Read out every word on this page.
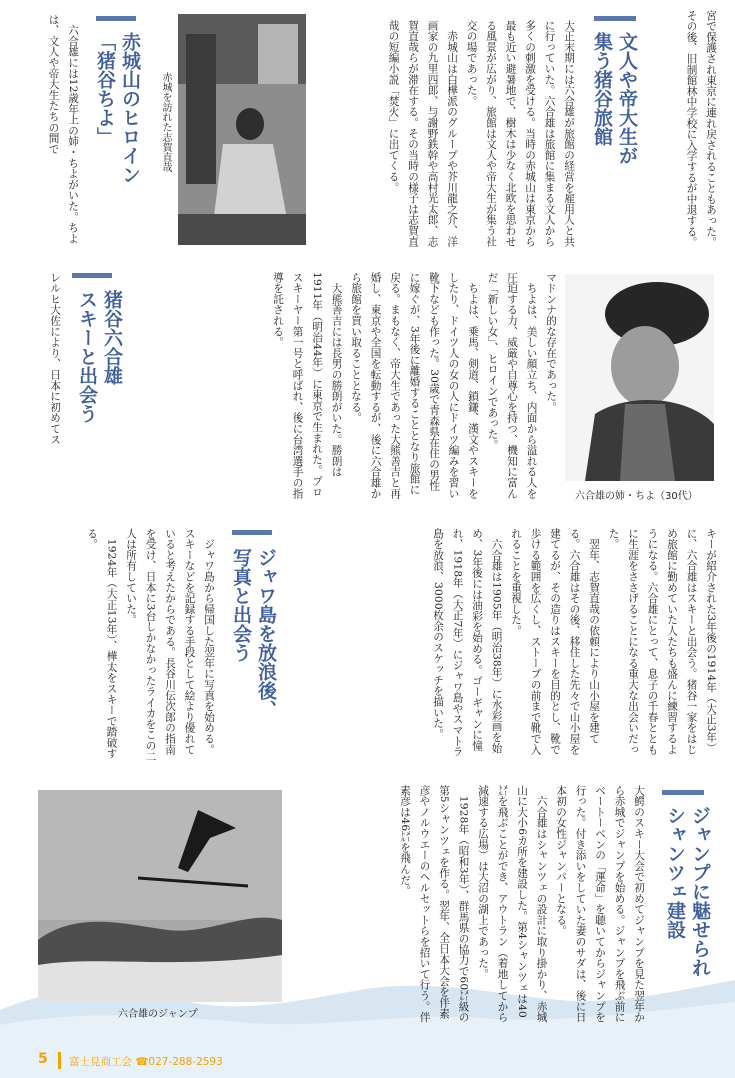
文人や帝大生が
集う猪谷旅館	宮で保護され東京に連れ戻されることもあった。その後、旧制館林中学校に入学するが中退する。
大正末期には六合雄が旅館の経営を雇用人と共に行っていた。六合雄は旅館に集まる文人から多くの刺激を受ける。当時の赤城山は東京から最も近い避暑地で、樹木は少なく北欧を思わせる風景が広がり、旅館は文人や帝大生が集う社交の場であった。
　赤城山は白樺派のグループや芥川龍之介、洋画家の九里四郎、与謝野鉄幹や高村光太郎、志賀直哉らが滞在する。その当時の様子は志賀直哉の短編小説「焚火」に出てくる。
赤城を訪れた志賀直哉
赤城山のヒロイン
「猪谷ちよ」
　六合雄には12歳年上の姉・ちよがいた。ちよは、文人や帝大生たちの間で
六合雄の姉・ちよ（30代）
マドンナ的な存在であった。
　ちよは、美しい顔立ち、内面から溢れる人を圧迫する力、威厳や自尊心を持つ、機知に富んだ「新しい女」、ヒロインであった。
　ちよは、乗馬、剣道、鎖鎌、漢文やスキーをしたり、ドイツ人の女の人にドイツ編みを習い靴下なども作った。30歳で青森県在住の男性に嫁ぐが、3年後に離婚することとなり旅館に戻る。まもなく、帝大生であった大熊善吉と再婚し、東京や全国を転動するが、後に六合雄から旅館を買い取ることとなる。
　大熊善吉には長男の勝朗がいた。勝朗は1911年（明治44年）に東京で生まれた。プロスキーヤー第一号と呼ばれ、後に台湾選手の指導を託される。
猪谷六合雄
スキーと出会う
レルヒ大佐により、日本に初めてス
キーが紹介された3年後の1914年（大正3年）に、六合雄はスキーと出会う。猪谷一家をはじめ旅館に勤めていた人たちも盛んに練習するようになる。六合雄にとって、息子の千春とともに生涯をささげることになる重大な出会いだった。
　翌年、志賀直哉の依頼により山小屋を建てる。六合雄はその後、移住した先々で山小屋を建てるが、その造りはスキーを目的とし、靴で歩ける範囲を広くし、ストーブの前まで靴で入れることを重視した。
　六合雄は1905年（明治38年）に水彩画を始め、3年後には油彩を始める。ゴーギャンに憧れ、1918年（大正7年）にジャワ島やスマトラ島を放浪、3000枚余のスケッチを描いた。
ジャワ島を放浪後、
写真と出会う
　ジャワ島から帰国した翌年に写真を始める。スキーなどを記録する手段として絵より優れていると考えたからである。長谷川伝次郎の指南を受け、日本に3台しかなかったライカをこの二人は所有していた。
　1924年（大正13年）、樺太をスキーで踏破する。
ジャンプに魅せられ
シャンツェ建設
大鰐のスキー大会で初めてジャンプを見た翌年から赤城でジャンプを始める。ジャンプを飛ぶ前にベートーベンの「運命」を聴いてからジャンプを行った。付き添いをしていた妻のサダは、後に日本初の女性ジャンパーとなる。
　六合雄はシャンツェの設計に取り掛かり、赤城山に大小6カ所を建設した。第4シャンツェは40㍍を飛ぶことができ、アウトラン（着地してから減速する広場）は大沼の湖上であった。
　1928年（昭和3年）、群馬県の協力で60㍍級の第5シャンツェを作る。翌年、全日本大会を伴素彦やノルウエーのヘルセットらを招いて行う。伴素彦は46㍍を飛んだ。
六合雄のジャンプ
5 富士見商工会 ☎027-288-2593
